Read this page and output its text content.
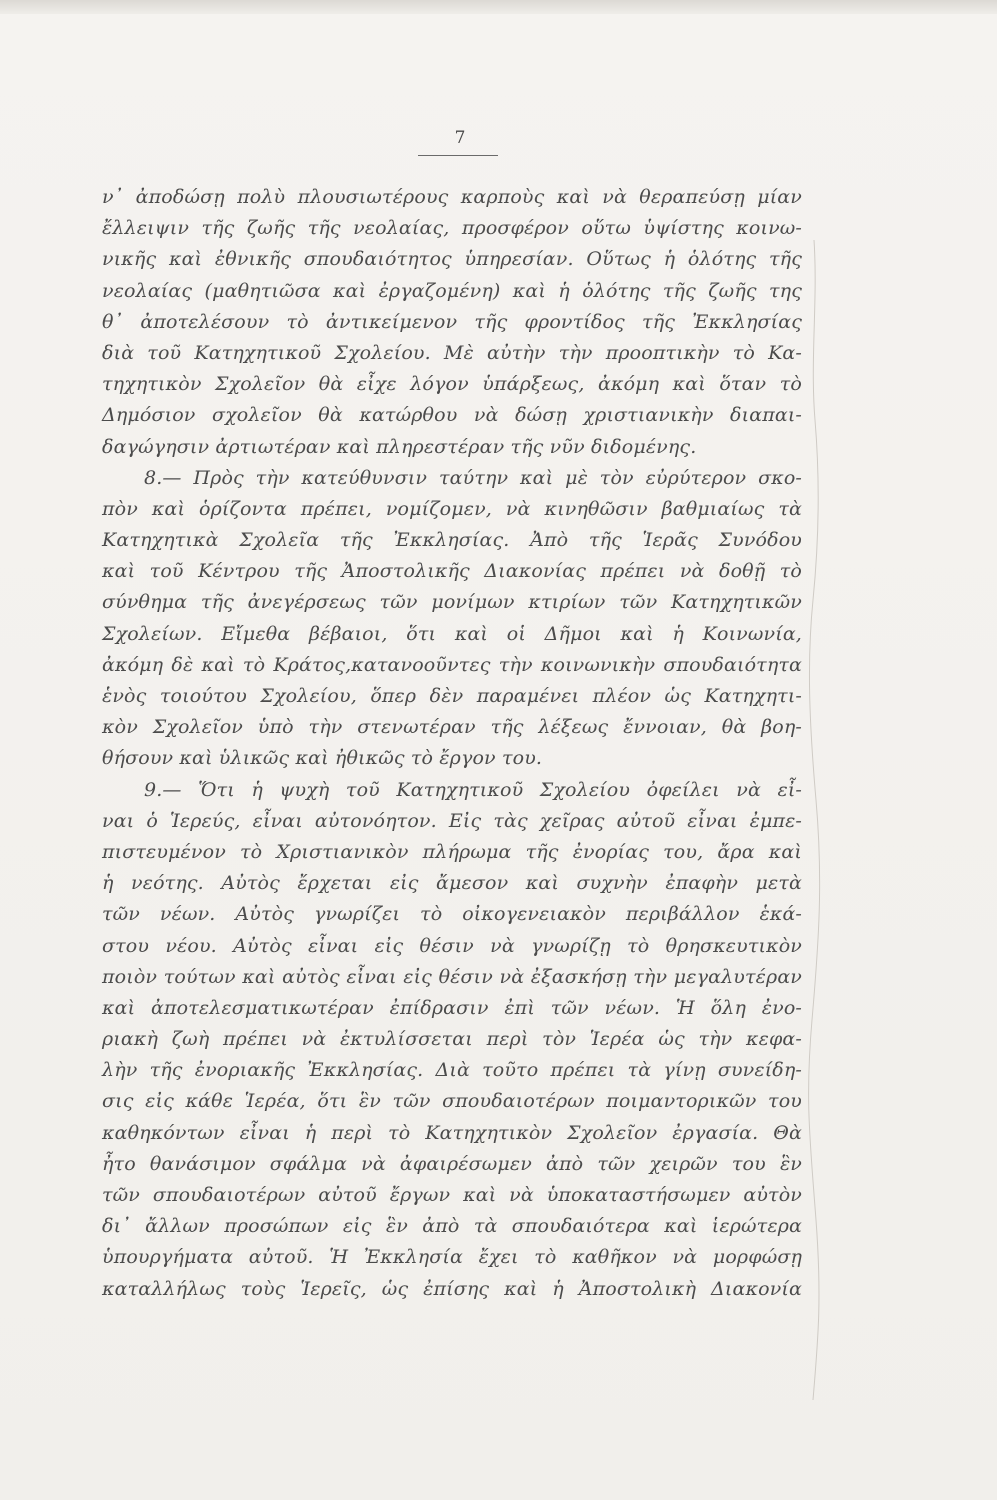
7
ν᾽ ἀποδώσῃ πολὺ πλουσιωτέρους καρποὺς καὶ νὰ θεραπεύσῃ μίαν
ἔλλειψιν τῆς ζωῆς τῆς νεολαίας, προσφέρον οὕτω ὑψίστης κοινω-
νικῆς καὶ ἐθνικῆς σπουδαιότητος ὑπηρεσίαν. Οὕτως ἡ ὁλότης τῆς
νεολαίας (μαθητιῶσα καὶ ἐργαζομένη) καὶ ἡ ὁλότης τῆς ζωῆς της
θ᾽ ἀποτελέσουν τὸ ἀντικείμενον τῆς φροντίδος τῆς Ἐκκλησίας
διὰ τοῦ Κατηχητικοῦ Σχολείου. Μὲ αὐτὴν τὴν προοπτικὴν τὸ Κα-
τηχητικὸν Σχολεῖον θὰ εἶχε λόγον ὑπάρξεως, ἀκόμη καὶ ὅταν τὸ
Δημόσιον σχολεῖον θὰ κατώρθου νὰ δώσῃ χριστιανικὴν διαπαι-
δαγώγησιν ἀρτιωτέραν καὶ πληρεστέραν τῆς νῦν διδομένης.
8.— Πρὸς τὴν κατεύθυνσιν ταύτην καὶ μὲ τὸν εὐρύτερον σκο-
πὸν καὶ ὁρίζοντα πρέπει, νομίζομεν, νὰ κινηθῶσιν βαθμιαίως τὰ
Κατηχητικὰ Σχολεῖα τῆς Ἐκκλησίας. Ἀπὸ τῆς Ἱερᾶς Συνόδου
καὶ τοῦ Κέντρου τῆς Ἀποστολικῆς Διακονίας πρέπει νὰ δοθῇ τὸ
σύνθημα τῆς ἀνεγέρσεως τῶν μονίμων κτιρίων τῶν Κατηχητικῶν
Σχολείων. Εἴμεθα βέβαιοι, ὅτι καὶ οἱ Δῆμοι καὶ ἡ Κοινωνία,
ἀκόμη δὲ καὶ τὸ Κράτος,κατανοοῦντες τὴν κοινωνικὴν σπουδαιότητα
ἑνὸς τοιούτου Σχολείου, ὅπερ δὲν παραμένει πλέον ὡς Κατηχητι-
κὸν Σχολεῖον ὑπὸ τὴν στενωτέραν τῆς λέξεως ἔννοιαν, θὰ βοη-
θήσουν καὶ ὑλικῶς καὶ ἠθικῶς τὸ ἔργον του.
9.— Ὅτι ἡ ψυχὴ τοῦ Κατηχητικοῦ Σχολείου ὀφείλει νὰ εἶ-
ναι ὁ Ἱερεύς, εἶναι αὐτονόητον. Εἰς τὰς χεῖρας αὐτοῦ εἶναι ἐμπε-
πιστευμένον τὸ Χριστιανικὸν πλήρωμα τῆς ἐνορίας του, ἄρα καὶ
ἡ νεότης. Αὐτὸς ἔρχεται εἰς ἄμεσον καὶ συχνὴν ἐπαφὴν μετὰ
τῶν νέων. Αὐτὸς γνωρίζει τὸ οἰκογενειακὸν περιβάλλον ἑκά-
στου νέου. Αὐτὸς εἶναι εἰς θέσιν νὰ γνωρίζῃ τὸ θρησκευτικὸν
ποιὸν τούτων καὶ αὐτὸς εἶναι εἰς θέσιν νὰ ἐξασκήσῃ τὴν μεγαλυτέραν
καὶ ἀποτελεσματικωτέραν ἐπίδρασιν ἐπὶ τῶν νέων. Ἡ ὅλη ἐνο-
ριακὴ ζωὴ πρέπει νὰ ἐκτυλίσσεται περὶ τὸν Ἱερέα ὡς τὴν κεφα-
λὴν τῆς ἐνοριακῆς Ἐκκλησίας. Διὰ τοῦτο πρέπει τὰ γίνῃ συνείδη-
σις εἰς κάθε Ἱερέα, ὅτι ἓν τῶν σπουδαιοτέρων ποιμαντορικῶν του
καθηκόντων εἶναι ἡ περὶ τὸ Κατηχητικὸν Σχολεῖον ἐργασία. Θὰ
ἦτο θανάσιμον σφάλμα νὰ ἀφαιρέσωμεν ἀπὸ τῶν χειρῶν του ἓν
τῶν σπουδαιοτέρων αὐτοῦ ἔργων καὶ νὰ ὑποκαταστήσωμεν αὐτὸν
δι᾽ ἄλλων προσώπων εἰς ἓν ἀπὸ τὰ σπουδαιότερα καὶ ἱερώτερα
ὑπουργήματα αὐτοῦ. Ἡ Ἐκκλησία ἔχει τὸ καθῆκον νὰ μορφώσῃ
καταλλήλως τοὺς Ἱερεῖς, ὡς ἐπίσης καὶ ἡ Ἀποστολικὴ Διακονία
